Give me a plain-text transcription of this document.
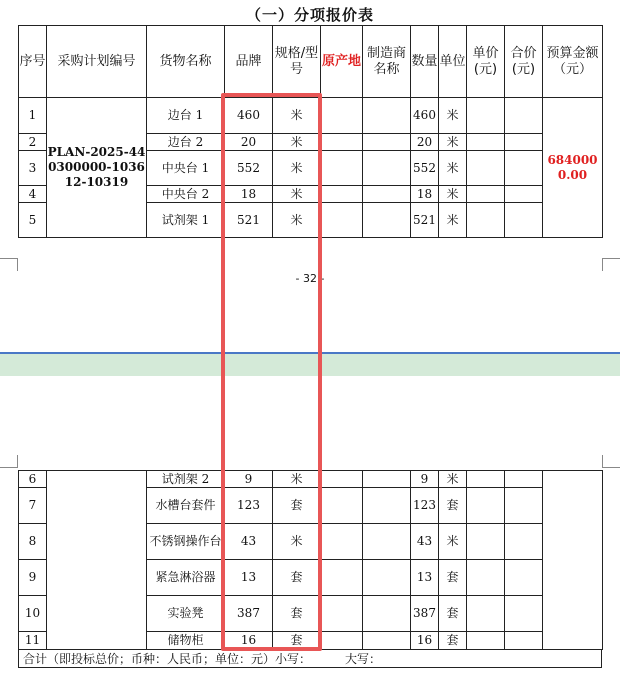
（一）分项报价表
序号	采购计划编号	货物名称	品牌	规格/型号	原产地	制造商名称	数量	单位	单价(元)	合价(元)	预算金额（元）
1	PLAN-2025-440300000-103612-10319	边台 1	460	米			460	米			6840000.00
2		边台 2	20	米			20	米			
3		中央台 1	552	米			552	米			
4		中央台 2	18	米			18	米			
5		试剂架 1	521	米			521	米			
- 32 -
6		试剂架 2	9	米			9	米			
7		水槽台套件	123	套			123	套			
8		不锈钢操作台	43	米			43	米			
9		紧急淋浴器	13	套			13	套			
10		实验凳	387	套			387	套			
11		储物柜	16	套			16	套			
合计（即投标总价；币种：人民币；单位：元）小写：	大写：
